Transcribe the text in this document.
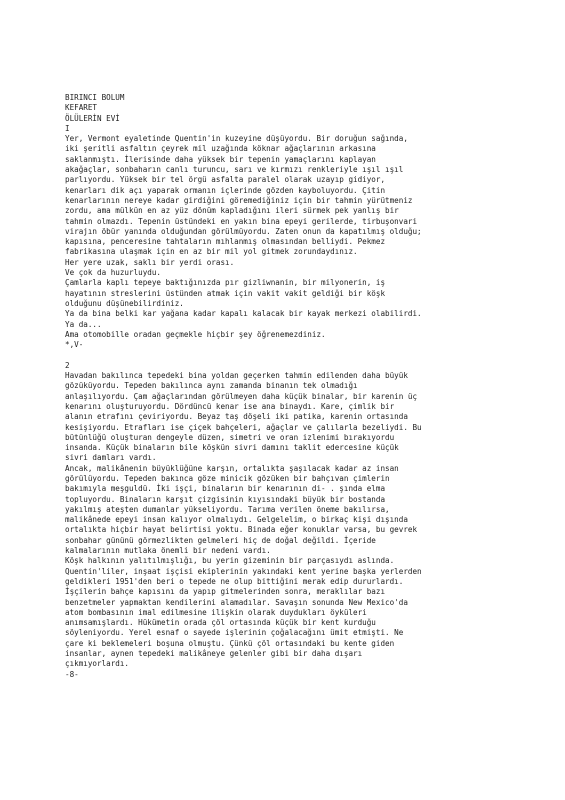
BIRINCI BOLUM
KEFARET
ÖLÜLERİN EVİ
I
Yer, Vermont eyaletinde Quentin'in kuzeyine düşüyordu. Bir doruğun sağında,
iki şeritli asfaltın çeyrek mil uzağında köknar ağaçlarının arkasına
saklanmıştı. İlerisinde daha yüksek bir tepenin yamaçlarını kaplayan
akağaçlar, sonbaharın canlı turuncu, sarı ve kırmızı renkleriyle ışıl ışıl
parlıyordu. Yüksek bir tel örgü asfalta paralel olarak uzayıp gidiyor,
kenarları dik açı yaparak ormanın içlerinde gözden kayboluyordu. Çitin
kenarlarının nereye kadar girdiğini göremediğiniz için bir tahmin yürütmeniz
zordu, ama mülkün en az yüz dönüm kapladığını ileri sürmek pek yanlış bir
tahmin olmazdı. Tepenin üstündeki en yakın bina epeyi gerilerde, tirbuşonvari
virajın öbür yanında olduğundan görülmüyordu. Zaten onun da kapatılmış olduğu;
kapısına, penceresine tahtaların mıhlanmış olmasından belliydi. Pekmez
fabrikasına ulaşmak için en az bir mil yol gitmek zorundaydınız.
Her yere uzak, saklı bir yerdi orası.
Ve çok da huzurluydu.
Çamlarla kaplı tepeye baktığınızda pır gizliwnanin, bir milyonerin, iş
hayatının streslerini üstünden atmak için vakit vakit geldiği bir köşk
olduğunu düşünebilirdiniz.
Ya da bina belki kar yağana kadar kapalı kalacak bir kayak merkezi olabilirdi.
Ya da...
Ama otomobille oradan geçmekle hiçbir şey öğrenemezdiniz.
*,V-
2
Havadan bakılınca tepedeki bina yoldan geçerken tahmin edilenden daha büyük
gözüküyordu. Tepeden bakılınca aynı zamanda binanın tek olmadığı
anlaşılıyordu. Çam ağaçlarından görülmeyen daha küçük binalar, bir karenin üç
kenarını oluşturuyordu. Dördüncü kenar ise ana binaydı. Kare, çimlik bir
alanın etrafını çeviriyordu. Beyaz taş döşeli iki patika, karenin ortasında
kesişiyordu. Etrafları ise çiçek bahçeleri, ağaçlar ve çalılarla bezeliydi. Bu
bütünlüğü oluşturan dengeyle düzen, simetri ve oran izlenimi bırakıyordu
insanda. Küçük binaların bile köşkün sivri damını taklit edercesine küçük
sivri damları vardı.
Ancak, malikânenin büyüklüğüne karşın, ortalıkta şaşılacak kadar az insan
görülüyordu. Tepeden bakınca göze minicik gözüken bir bahçıvan çimlerin
bakımıyla meşguldü. İki işçi, binaların bir kenarının di- . şında elma
topluyordu. Binaların karşıt çizgisinin kıyısındaki büyük bir bostanda
yakılmış ateşten dumanlar yükseliyordu. Tarıma verilen öneme bakılırsa,
malikânede epeyi insan kalıyor olmalıydı. Gelgelelim, o birkaç kişi dışında
ortalıkta hiçbir hayat belirtisi yoktu. Binada eğer konuklar varsa, bu gevrek
sonbahar gününü görmezlikten gelmeleri hiç de doğal değildi. İçeride
kalmalarının mutlaka önemli bir nedeni vardı.
Köşk halkının yalıtılmışlığı, bu yerin gizeminin bir parçasıydı aslında.
Quentin'liler, inşaat işçisi ekiplerinin yakındaki kent yerine başka yerlerden
geldikleri 1951'den beri o tepede ne olup bittiğini merak edip dururlardı.
İşçilerin bahçe kapısını da yapıp gitmelerinden sonra, meraklılar bazı
benzetmeler yapmaktan kendilerini alamadılar. Savaşın sonunda New Mexico'da
atom bombasının imal edilmesine ilişkin olarak duydukları öyküleri
anımsamışlardı. Hükümetin orada çöl ortasında küçük bir kent kurduğu
söyleniyordu. Yerel esnaf o sayede işlerinin çoğalacağını ümit etmişti. Ne
çare ki beklemeleri boşuna olmuştu. Çünkü çöl ortasındaki bu kente giden
insanlar, aynen tepedeki malikâneye gelenler gibi bir daha dışarı
çıkmıyorlardı.
-8-
